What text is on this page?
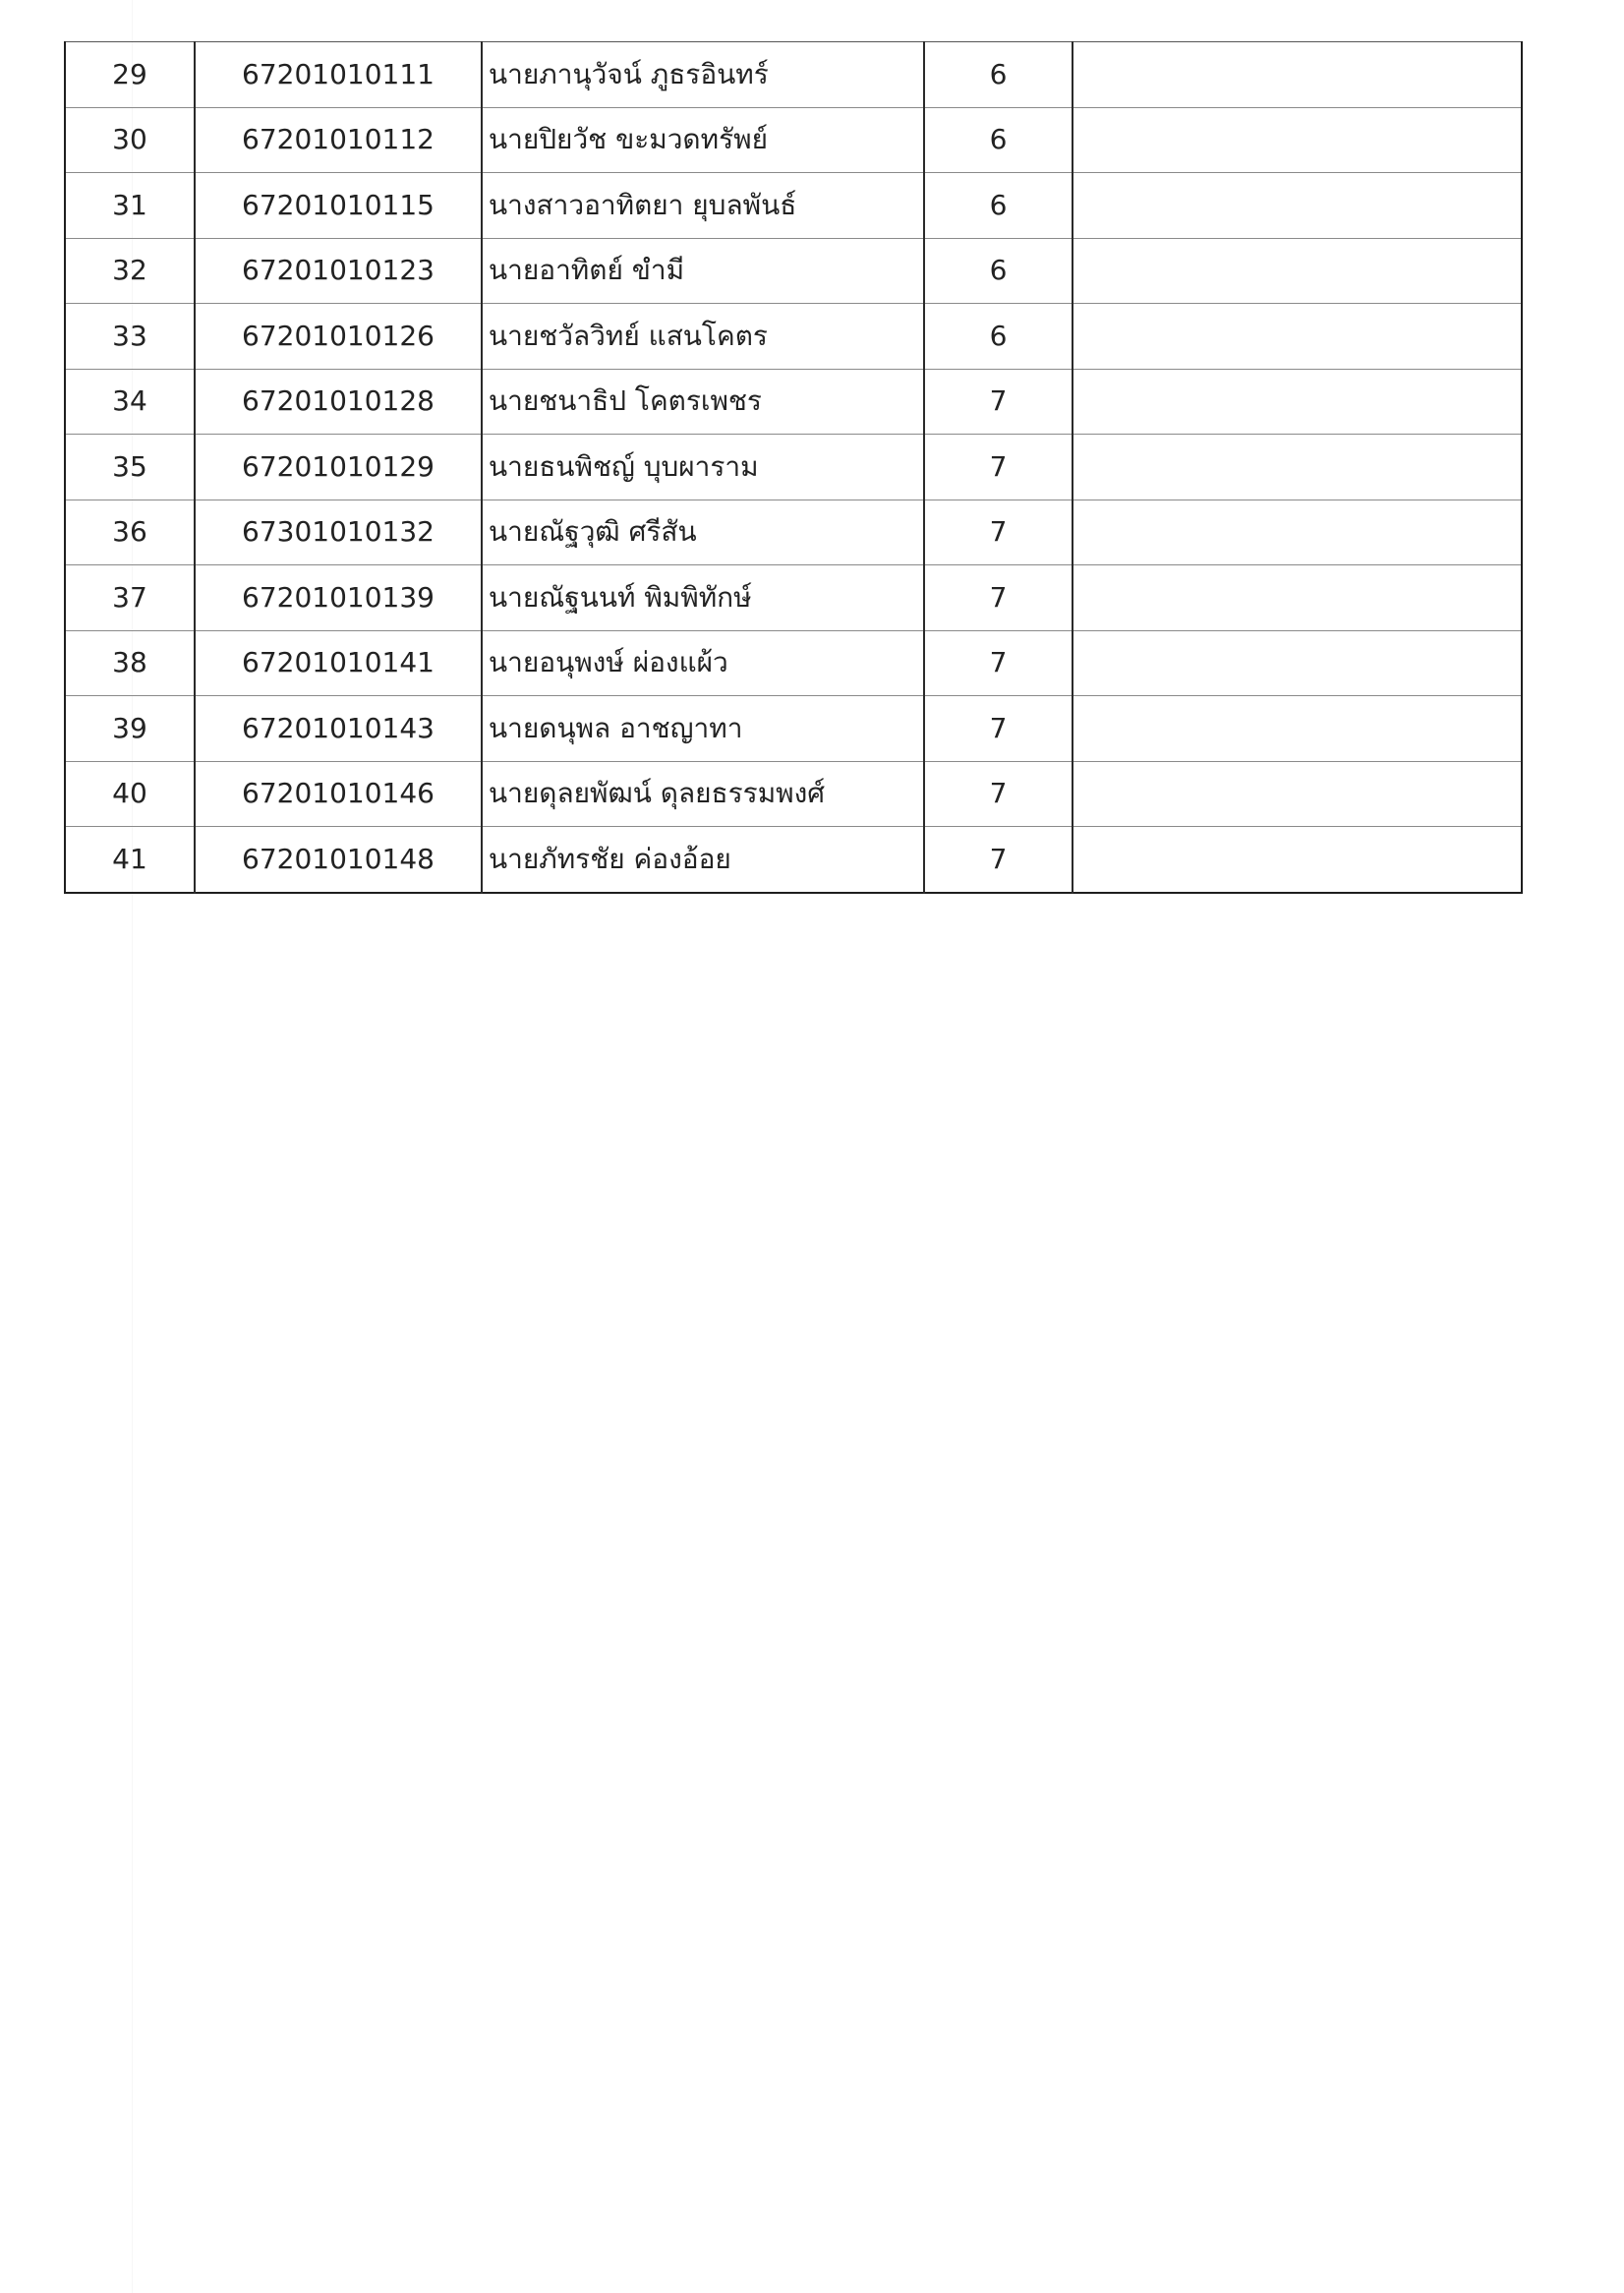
29	67201010111	นายภานุวัจน์ ภูธรอินทร์	6	
30	67201010112	นายปิยวัช ขะมวดทรัพย์	6	
31	67201010115	นางสาวอาทิตยา ยุบลพันธ์	6	
32	67201010123	นายอาทิตย์ ขำมี	6	
33	67201010126	นายชวัลวิทย์ แสนโคตร	6	
34	67201010128	นายชนาธิป โคตรเพชร	7	
35	67201010129	นายธนพิชญ์ บุบผาราม	7	
36	67301010132	นายณัฐวุฒิ ศรีสัน	7	
37	67201010139	นายณัฐนนท์ พิมพิทักษ์	7	
38	67201010141	นายอนุพงษ์ ผ่องแผ้ว	7	
39	67201010143	นายดนุพล อาชญาทา	7	
40	67201010146	นายดุลยพัฒน์ ดุลยธรรมพงศ์	7	
41	67201010148	นายภัทรชัย ค่องอ้อย	7	
